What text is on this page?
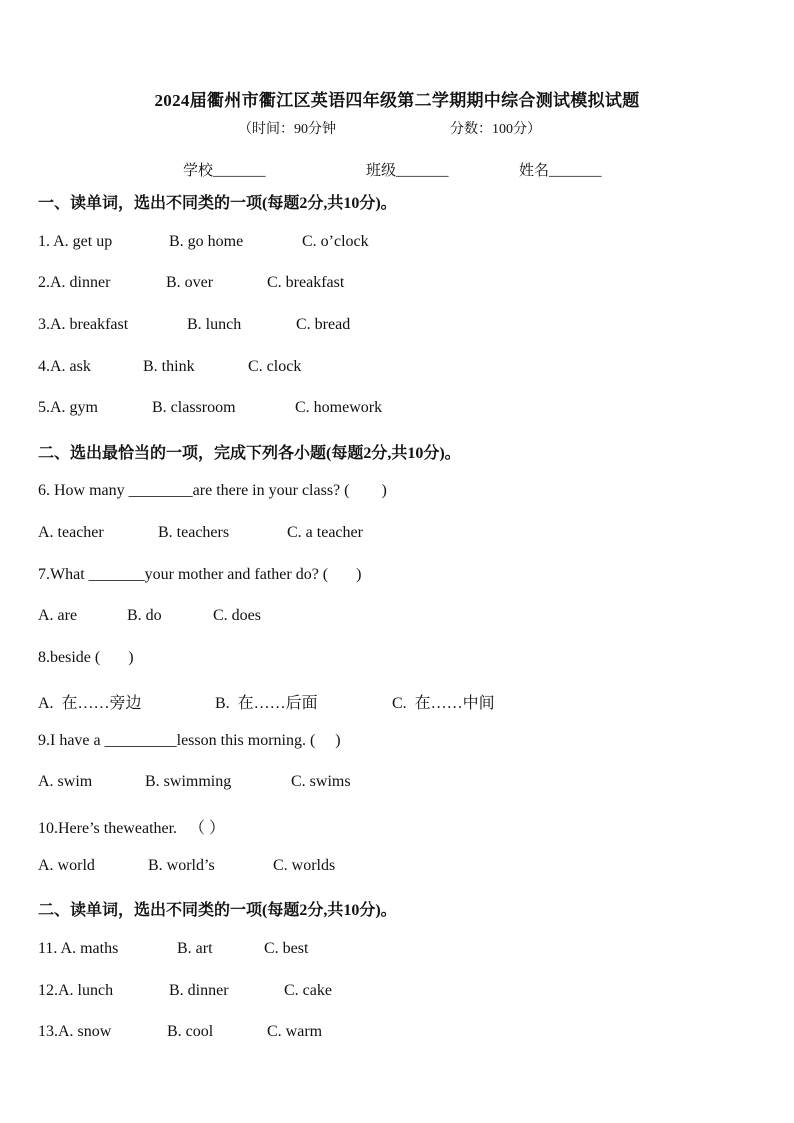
2024届衢州市衢江区英语四年级第二学期期中综合测试模拟试题
（时间：90分钟	分数：100分）
学校_______	班级_______	姓名_______
一、读单词，选出不同类的一项(每题2分,共10分)。
1. A. get up	B. go home	C. o’clock
2.A. dinner	B. over	C. breakfast
3.A. breakfast	B. lunch	C. bread
4.A. ask	B. think	C. clock
5.A. gym	B. classroom	C. homework
二、选出最恰当的一项，完成下列各小题(每题2分,共10分)。
6. How many ________are there in your class? (        )
A. teacher	B. teachers	C. a teacher
7.What _______your mother and father do? (       )
A. are	B. do	C. does
8.beside (       )
A.  在……旁边	B.  在……后面	C.  在……中间
9.I have a _________lesson this morning. (     )
A. swim	B. swimming	C. swims
10.Here’s theweather.   （ ）
A. world	B. world’s	C. worlds
二、读单词，选出不同类的一项(每题2分,共10分)。
11. A. maths	B. art	C. best
12.A. lunch	B. dinner	C. cake
13.A. snow	B. cool	C. warm
